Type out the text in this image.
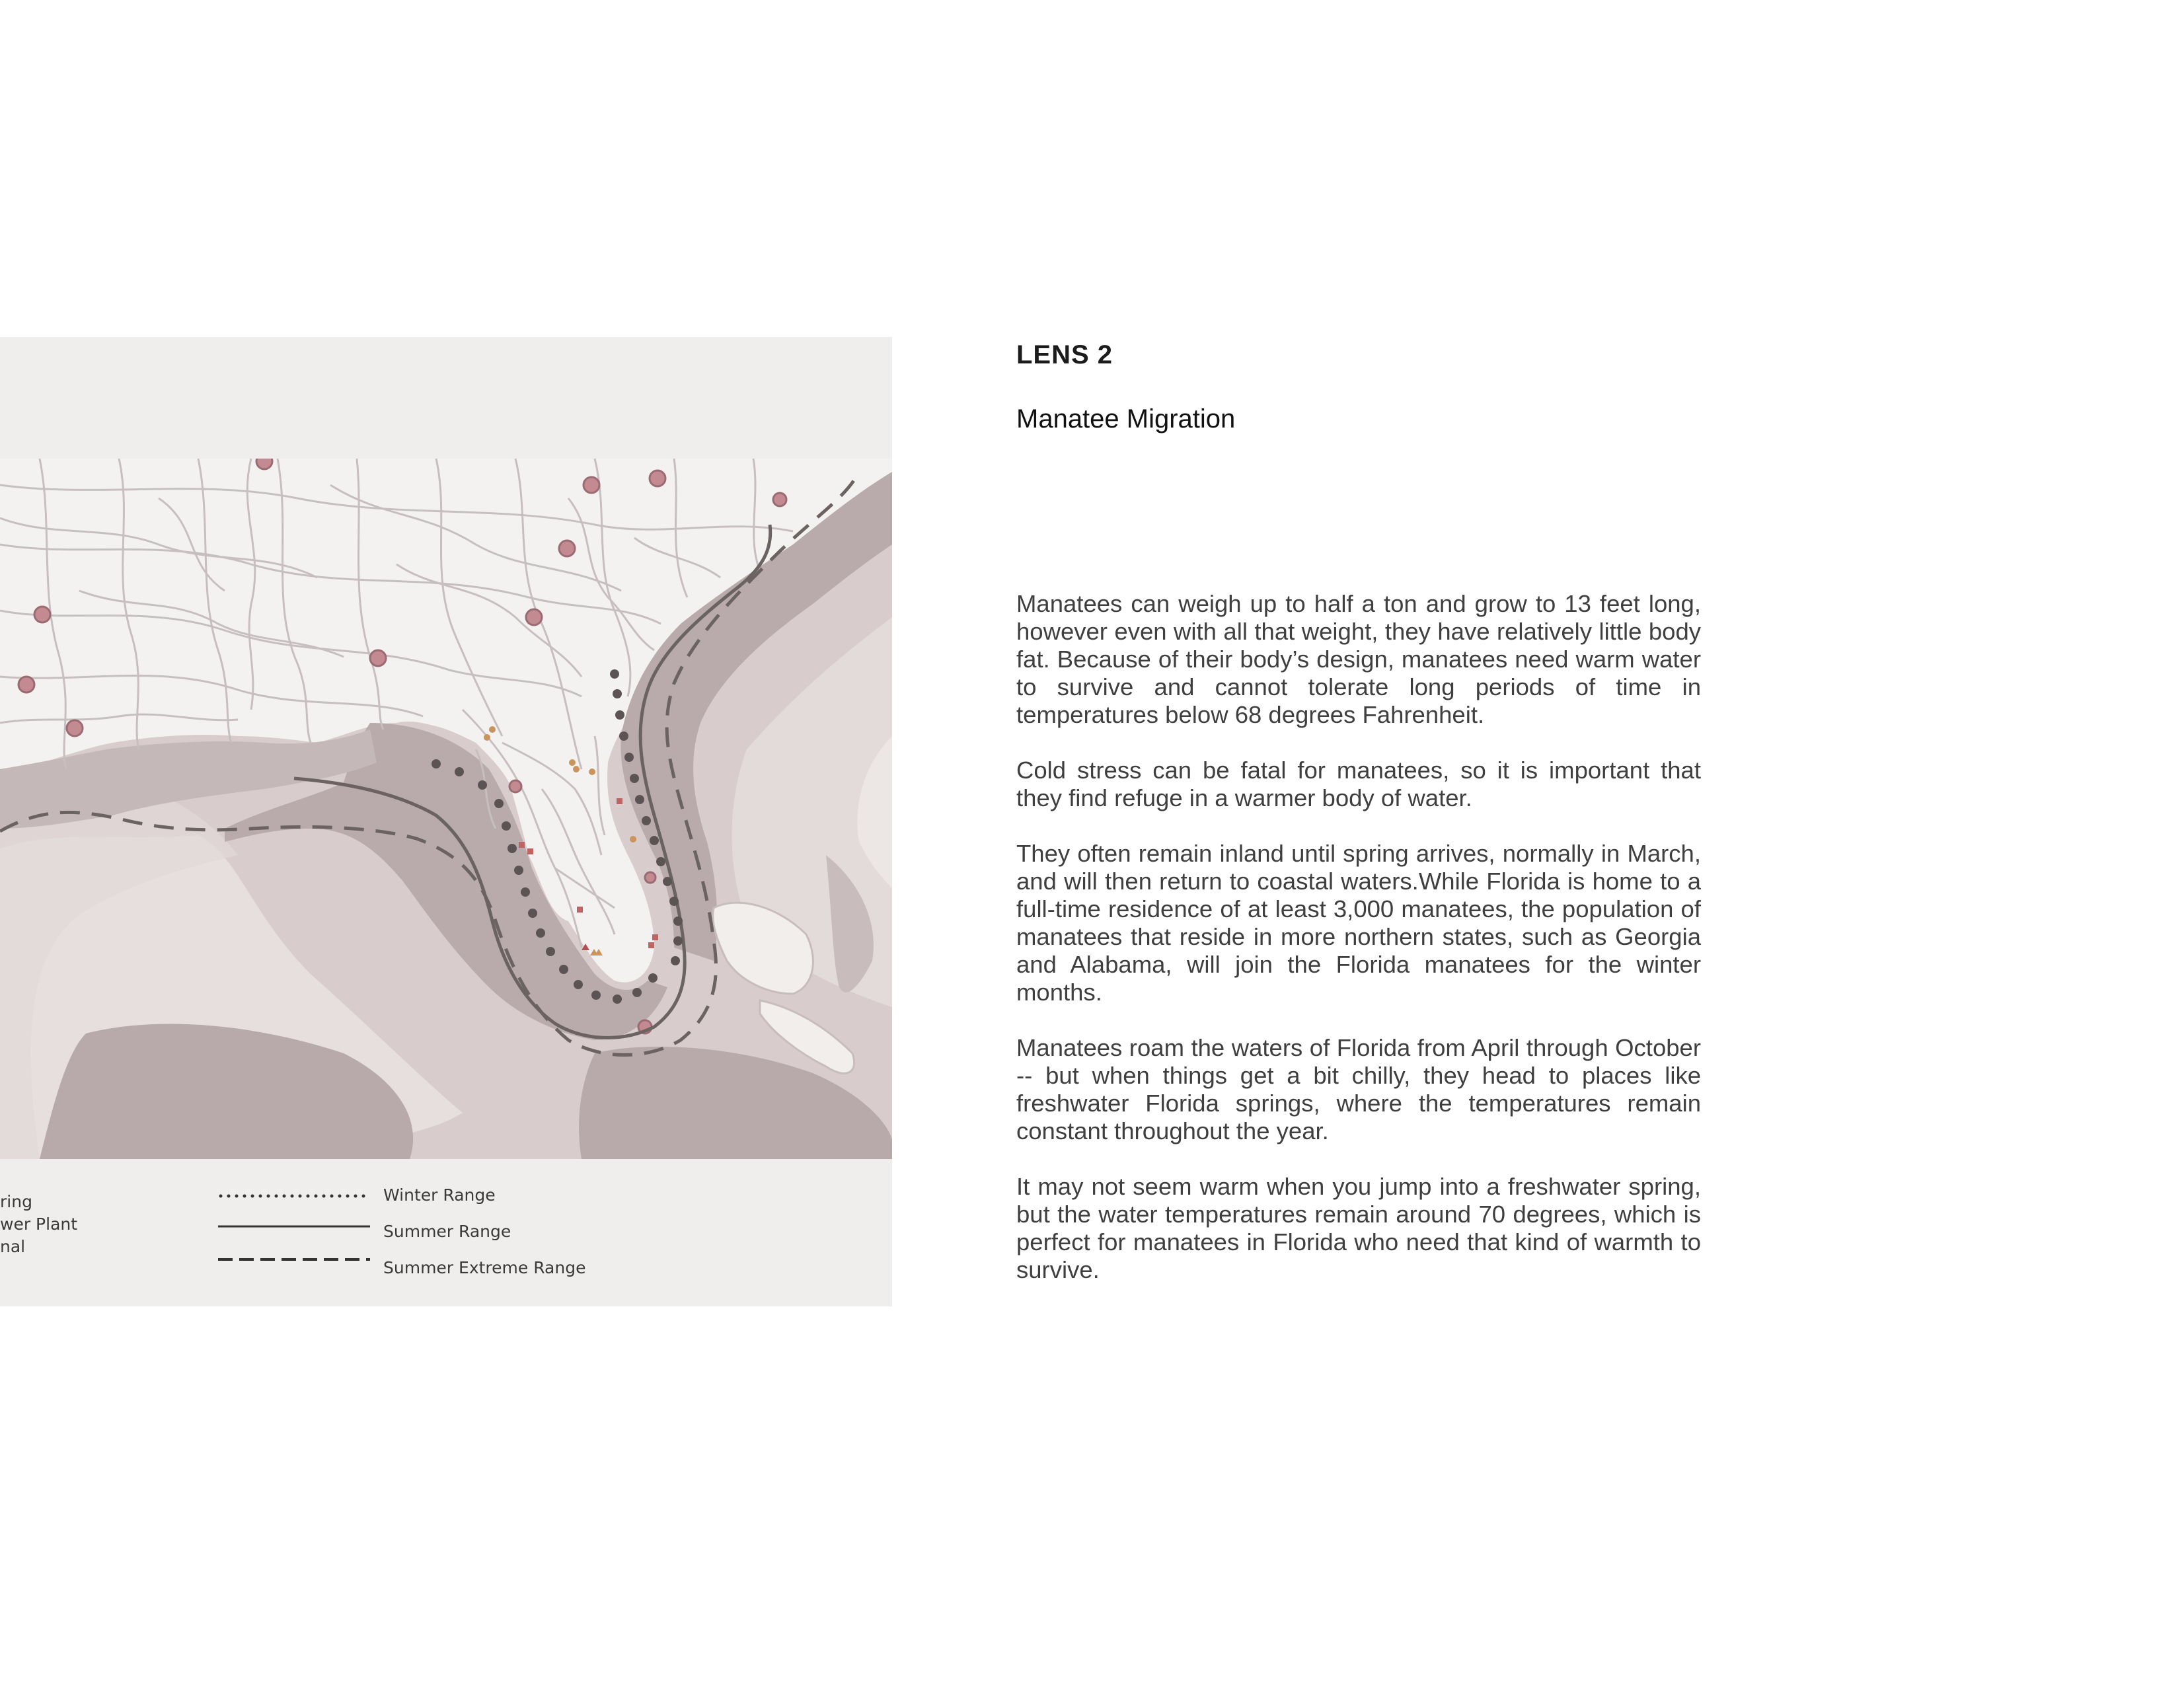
ring
wer Plant
nal
Winter Range
Summer Range
Summer Extreme Range
LENS 2
Manatee Migration

Manatees can weigh up to half a ton and grow to 13 feet long, however even with all that weight, they have relatively little body fat. Because of their body’s design, manatees need warm water to survive and cannot tolerate long periods of time in temperatures below 68 degrees Fahrenheit.

Cold stress can be fatal for manatees, so it is important that they find refuge in a warmer body of water.

They often remain inland until spring arrives, normally in March, and will then return to coastal waters.While Florida is home to a full-time residence of at least 3,000 manatees, the population of manatees that reside in more northern states, such as Georgia and Alabama, will join the Florida manatees for the winter months.

Manatees roam the waters of Florida from April through October -- but when things get a bit chilly, they head to places like freshwater Florida springs, where the temperatures remain constant throughout the year.

It may not seem warm when you jump into a freshwater spring, but the water temperatures remain around 70 degrees, which is perfect for manatees in Florida who need that kind of warmth to survive.
